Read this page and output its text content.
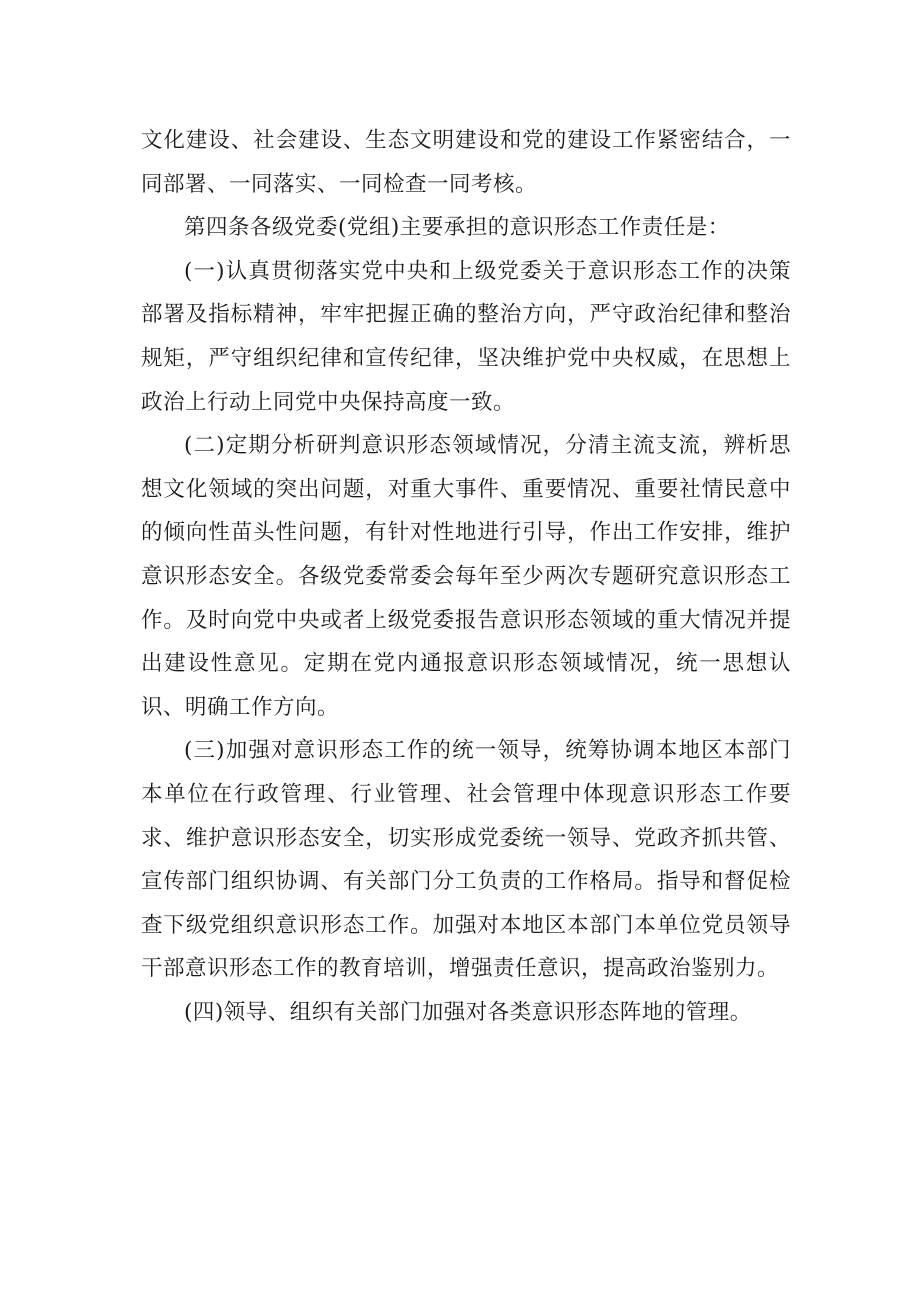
文化建设、社会建设、生态文明建设和党的建设工作紧密结合，一同部署、一同落实、一同检查一同考核。

第四条各级党委(党组)主要承担的意识形态工作责任是：

(一)认真贯彻落实党中央和上级党委关于意识形态工作的决策部署及指标精神，牢牢把握正确的整治方向，严守政治纪律和整治规矩，严守组织纪律和宣传纪律，坚决维护党中央权威，在思想上政治上行动上同党中央保持高度一致。

(二)定期分析研判意识形态领域情况，分清主流支流，辨析思想文化领域的突出问题，对重大事件、重要情况、重要社情民意中的倾向性苗头性问题，有针对性地进行引导，作出工作安排，维护意识形态安全。各级党委常委会每年至少两次专题研究意识形态工作。及时向党中央或者上级党委报告意识形态领域的重大情况并提出建设性意见。定期在党内通报意识形态领域情况，统一思想认识、明确工作方向。

(三)加强对意识形态工作的统一领导，统筹协调本地区本部门本单位在行政管理、行业管理、社会管理中体现意识形态工作要求、维护意识形态安全，切实形成党委统一领导、党政齐抓共管、宣传部门组织协调、有关部门分工负责的工作格局。指导和督促检查下级党组织意识形态工作。加强对本地区本部门本单位党员领导干部意识形态工作的教育培训，增强责任意识，提高政治鉴别力。

(四)领导、组织有关部门加强对各类意识形态阵地的管理。
